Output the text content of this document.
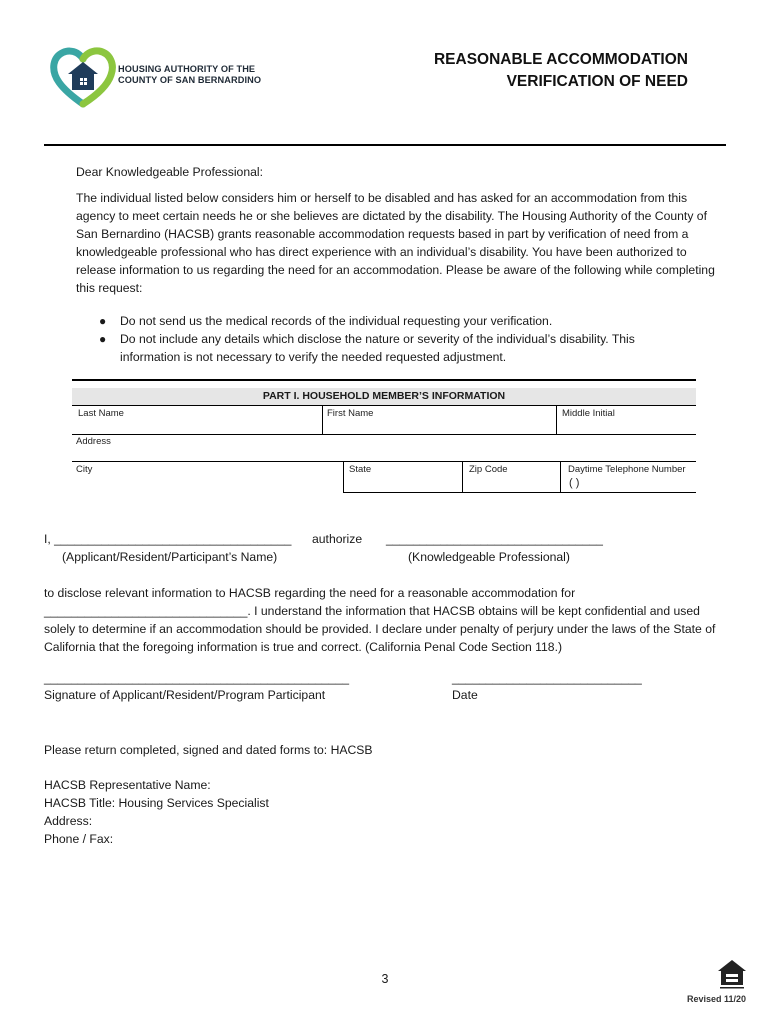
HOUSING AUTHORITY OF THE
COUNTY OF SAN BERNARDINO
REASONABLE ACCOMMODATION
VERIFICATION OF NEED

Dear Knowledgeable Professional:

The individual listed below considers him or herself to be disabled and has asked for an accommodation from this agency to meet certain needs he or she believes are dictated by the disability. The Housing Authority of the County of San Bernardino (HACSB) grants reasonable accommodation requests based in part by verification of need from a knowledgeable professional who has direct experience with an individual’s disability. You have been authorized to release information to us regarding the need for an accommodation. Please be aware of the following while completing this request:

● Do not send us the medical records of the individual requesting your verification.
● Do not include any details which disclose the nature or severity of the individual’s disability. This information is not necessary to verify the needed requested adjustment.
PART I. HOUSEHOLD MEMBER’S INFORMATION
Last Name	First Name	Middle Initial
Address
City	State	Zip Code	Daytime Telephone Number
( )
I, ___________________________________ authorize ________________________________
(Applicant/Resident/Participant’s Name)	(Knowledgeable Professional)
to disclose relevant information to HACSB regarding the need for a reasonable accommodation for ______________________________. I understand the information that HACSB obtains will be kept confidential and used solely to determine if an accommodation should be provided. I declare under penalty of perjury under the laws of the State of California that the foregoing information is true and correct. (California Penal Code Section 118.)
_____________________________________________
Signature of Applicant/Resident/Program Participant
____________________________
Date
Please return completed, signed and dated forms to: HACSB
HACSB Representative Name:
HACSB Title: Housing Services Specialist
Address:
Phone / Fax:
3
Revised 11/20
